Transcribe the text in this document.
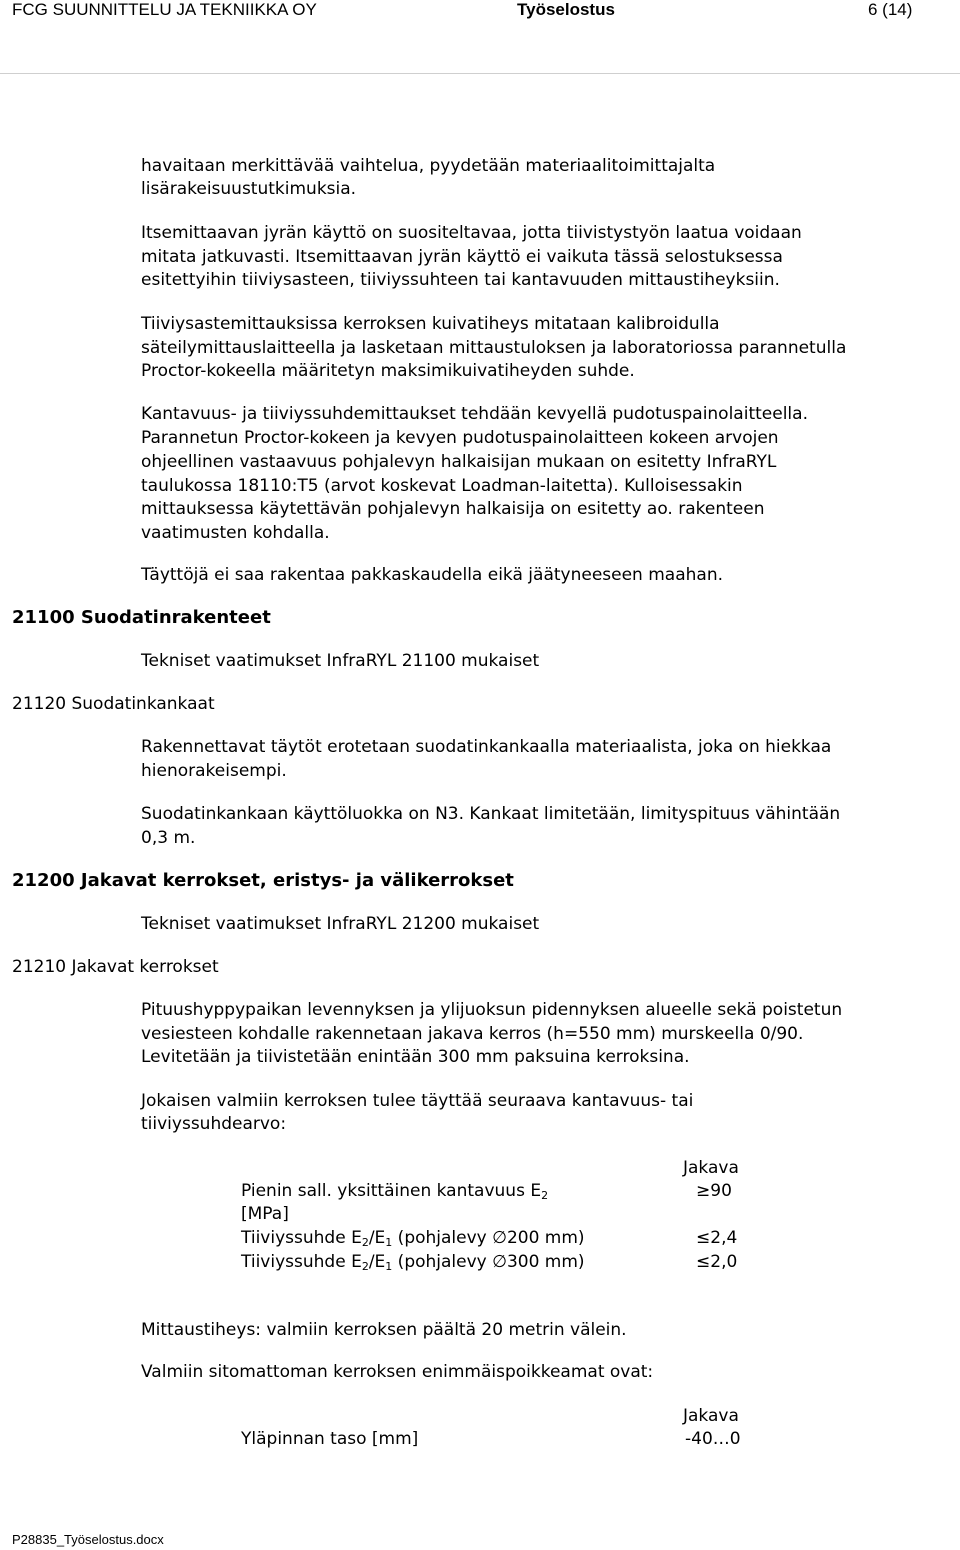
FCG SUUNNITTELU JA TEKNIIKKA OY	Työselostus	6 (14)
havaitaan merkittävää vaihtelua, pyydetään materiaalitoimittajalta
lisärakeisuustutkimuksia.
Itsemittaavan jyrän käyttö on suositeltavaa, jotta tiivistystyön laatua voidaan
mitata jatkuvasti. Itsemittaavan jyrän käyttö ei vaikuta tässä selostuksessa
esitettyihin tiiviysasteen, tiiviyssuhteen tai kantavuuden mittaustiheyksiin.
Tiiviysastemittauksissa kerroksen kuivatiheys mitataan kalibroidulla
säteilymittauslaitteella ja lasketaan mittaustuloksen ja laboratoriossa parannetulla
Proctor-kokeella määritetyn maksimikuivatiheyden suhde.
Kantavuus- ja tiiviyssuhdemittaukset tehdään kevyellä pudotuspainolaitteella.
Parannetun Proctor-kokeen ja kevyen pudotuspainolaitteen kokeen arvojen
ohjeellinen vastaavuus pohjalevyn halkaisijan mukaan on esitetty InfraRYL
taulukossa 18110:T5 (arvot koskevat Loadman-laitetta). Kulloisessakin
mittauksessa käytettävän pohjalevyn halkaisija on esitetty ao. rakenteen
vaatimusten kohdalla.
Täyttöjä ei saa rakentaa pakkaskaudella eikä jäätyneeseen maahan.
21100 Suodatinrakenteet
Tekniset vaatimukset InfraRYL 21100 mukaiset
21120 Suodatinkankaat
Rakennettavat täytöt erotetaan suodatinkankaalla materiaalista, joka on hiekkaa
hienorakeisempi.
Suodatinkankaan käyttöluokka on N3. Kankaat limitetään, limityspituus vähintään
0,3 m.
21200 Jakavat kerrokset, eristys- ja välikerrokset
Tekniset vaatimukset InfraRYL 21200 mukaiset
21210 Jakavat kerrokset
Pituushyppypaikan levennyksen ja ylijuoksun pidennyksen alueelle sekä poistetun
vesiesteen kohdalle rakennetaan jakava kerros (h=550 mm) murskeella 0/90.
Levitetään ja tiivistetään enintään 300 mm paksuina kerroksina.
Jokaisen valmiin kerroksen tulee täyttää seuraava kantavuus- tai
tiiviyssuhdearvo:
Jakava
Pienin sall. yksittäinen kantavuus $E_2$	≥90
[MPa]
Tiiviyssuhde $E_2/E_1$ (pohjalevy ∅200 mm)	≤2,4
Tiiviyssuhde $E_2/E_1$ (pohjalevy ∅300 mm)	≤2,0
Mittaustiheys: valmiin kerroksen päältä 20 metrin välein.
Valmiin sitomattoman kerroksen enimmäispoikkeamat ovat:
Jakava
Yläpinnan taso [mm]	-40…0
P28835_Työselostus.docx
